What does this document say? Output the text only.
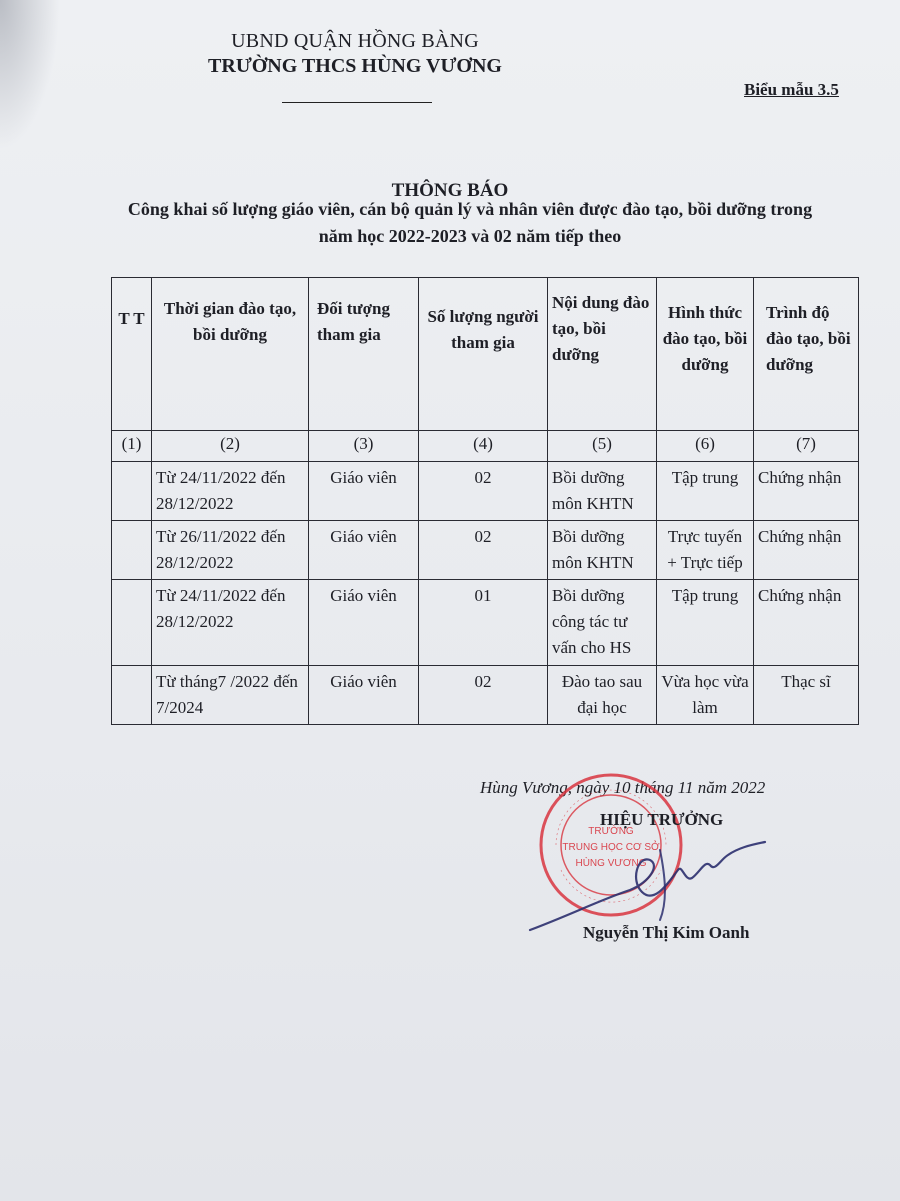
UBND QUẬN HỒNG BÀNG
TRƯỜNG THCS HÙNG VƯƠNG
Biểu mẫu 3.5
THÔNG BÁO
Công khai số lượng giáo viên, cán bộ quản lý và nhân viên được đào tạo, bồi dưỡng trong năm học 2022-2023 và 02 năm tiếp theo
T T	Thời gian đào tạo, bồi dưỡng	Đối tượng tham gia	Số lượng người tham gia	Nội dung đào tạo, bồi dưỡng	Hình thức đào tạo, bồi dưỡng	Trình độ đào tạo, bồi dưỡng
(1)	(2)	(3)	(4)	(5)	(6)	(7)
	Từ 24/11/2022 đến 28/12/2022	Giáo viên	02	Bồi dưỡng môn KHTN	Tập trung	Chứng nhận
	Từ 26/11/2022 đến 28/12/2022	Giáo viên	02	Bồi dưỡng môn KHTN	Trực tuyến + Trực tiếp	Chứng nhận
	Từ 24/11/2022 đến 28/12/2022	Giáo viên	01	Bồi dưỡng công tác tư vấn cho HS	Tập trung	Chứng nhận
	Từ tháng7 /2022 đến 7/2024	Giáo viên	02	Đào tao sau đại học	Vừa học vừa làm	Thạc sĩ
Hùng Vương, ngày 10 tháng 11 năm 2022
TRƯỜNG
TRUNG HỌC CƠ SỞ
HÙNG VƯƠNG
HIỆU TRƯỞNG
Nguyễn Thị Kim Oanh
